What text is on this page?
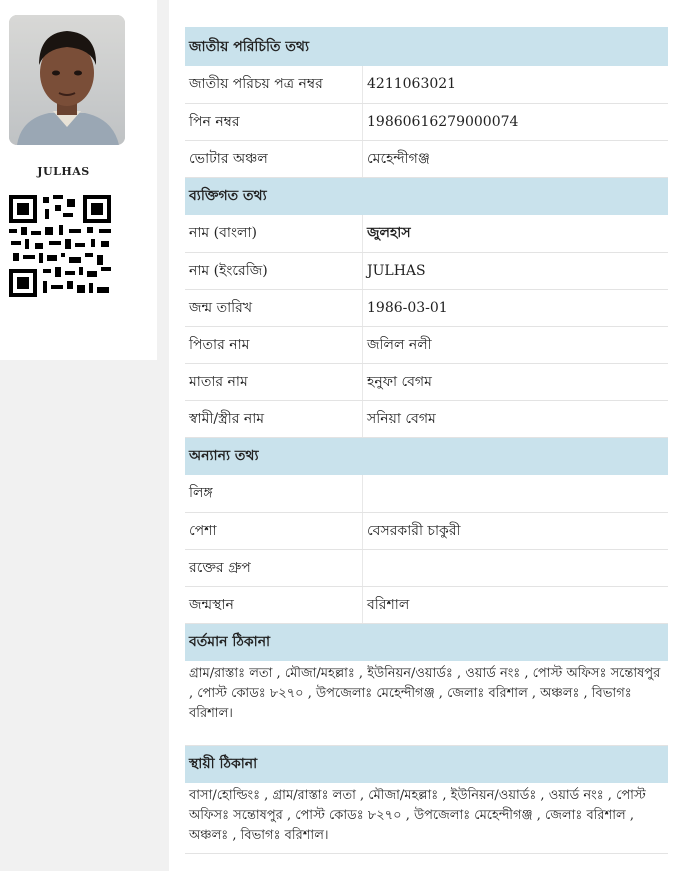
JULHAS
জাতীয় পরিচিতি তথ্য	
জাতীয় পরিচয় পত্র নম্বর	4211063021
পিন নম্বর	19860616279000074
ভোটার অঞ্চল	মেহেন্দীগঞ্জ
ব্যক্তিগত তথ্য	
নাম (বাংলা)	জুলহাস
নাম (ইংরেজি)	JULHAS
জন্ম তারিখ	1986-03-01
পিতার নাম	জলিল নলী
মাতার নাম	হনুফা বেগম
স্বামী/স্ত্রীর নাম	সনিয়া বেগম
অন্যান্য তথ্য	
লিঙ্গ	
পেশা	বেসরকারী চাকুরী
রক্তের গ্রুপ	
জন্মস্থান	বরিশাল
বর্তমান ঠিকানা	
গ্রাম/রাস্তাঃ লতা , মৌজা/মহল্লাঃ , ইউনিয়ন/ওয়ার্ডঃ , ওয়ার্ড নংঃ , পোস্ট অফিসঃ সন্তোষপুর , পোস্ট কোডঃ ৮২৭০ , উপজেলাঃ মেহেন্দীগঞ্জ , জেলাঃ বরিশাল , অঞ্চলঃ , বিভাগঃ বরিশাল।	
স্থায়ী ঠিকানা	
বাসা/হোল্ডিংঃ , গ্রাম/রাস্তাঃ লতা , মৌজা/মহল্লাঃ , ইউনিয়ন/ওয়ার্ডঃ , ওয়ার্ড নংঃ , পোস্ট অফিসঃ সন্তোষপুর , পোস্ট কোডঃ ৮২৭০ , উপজেলাঃ মেহেন্দীগঞ্জ , জেলাঃ বরিশাল , অঞ্চলঃ , বিভাগঃ বরিশাল।	
